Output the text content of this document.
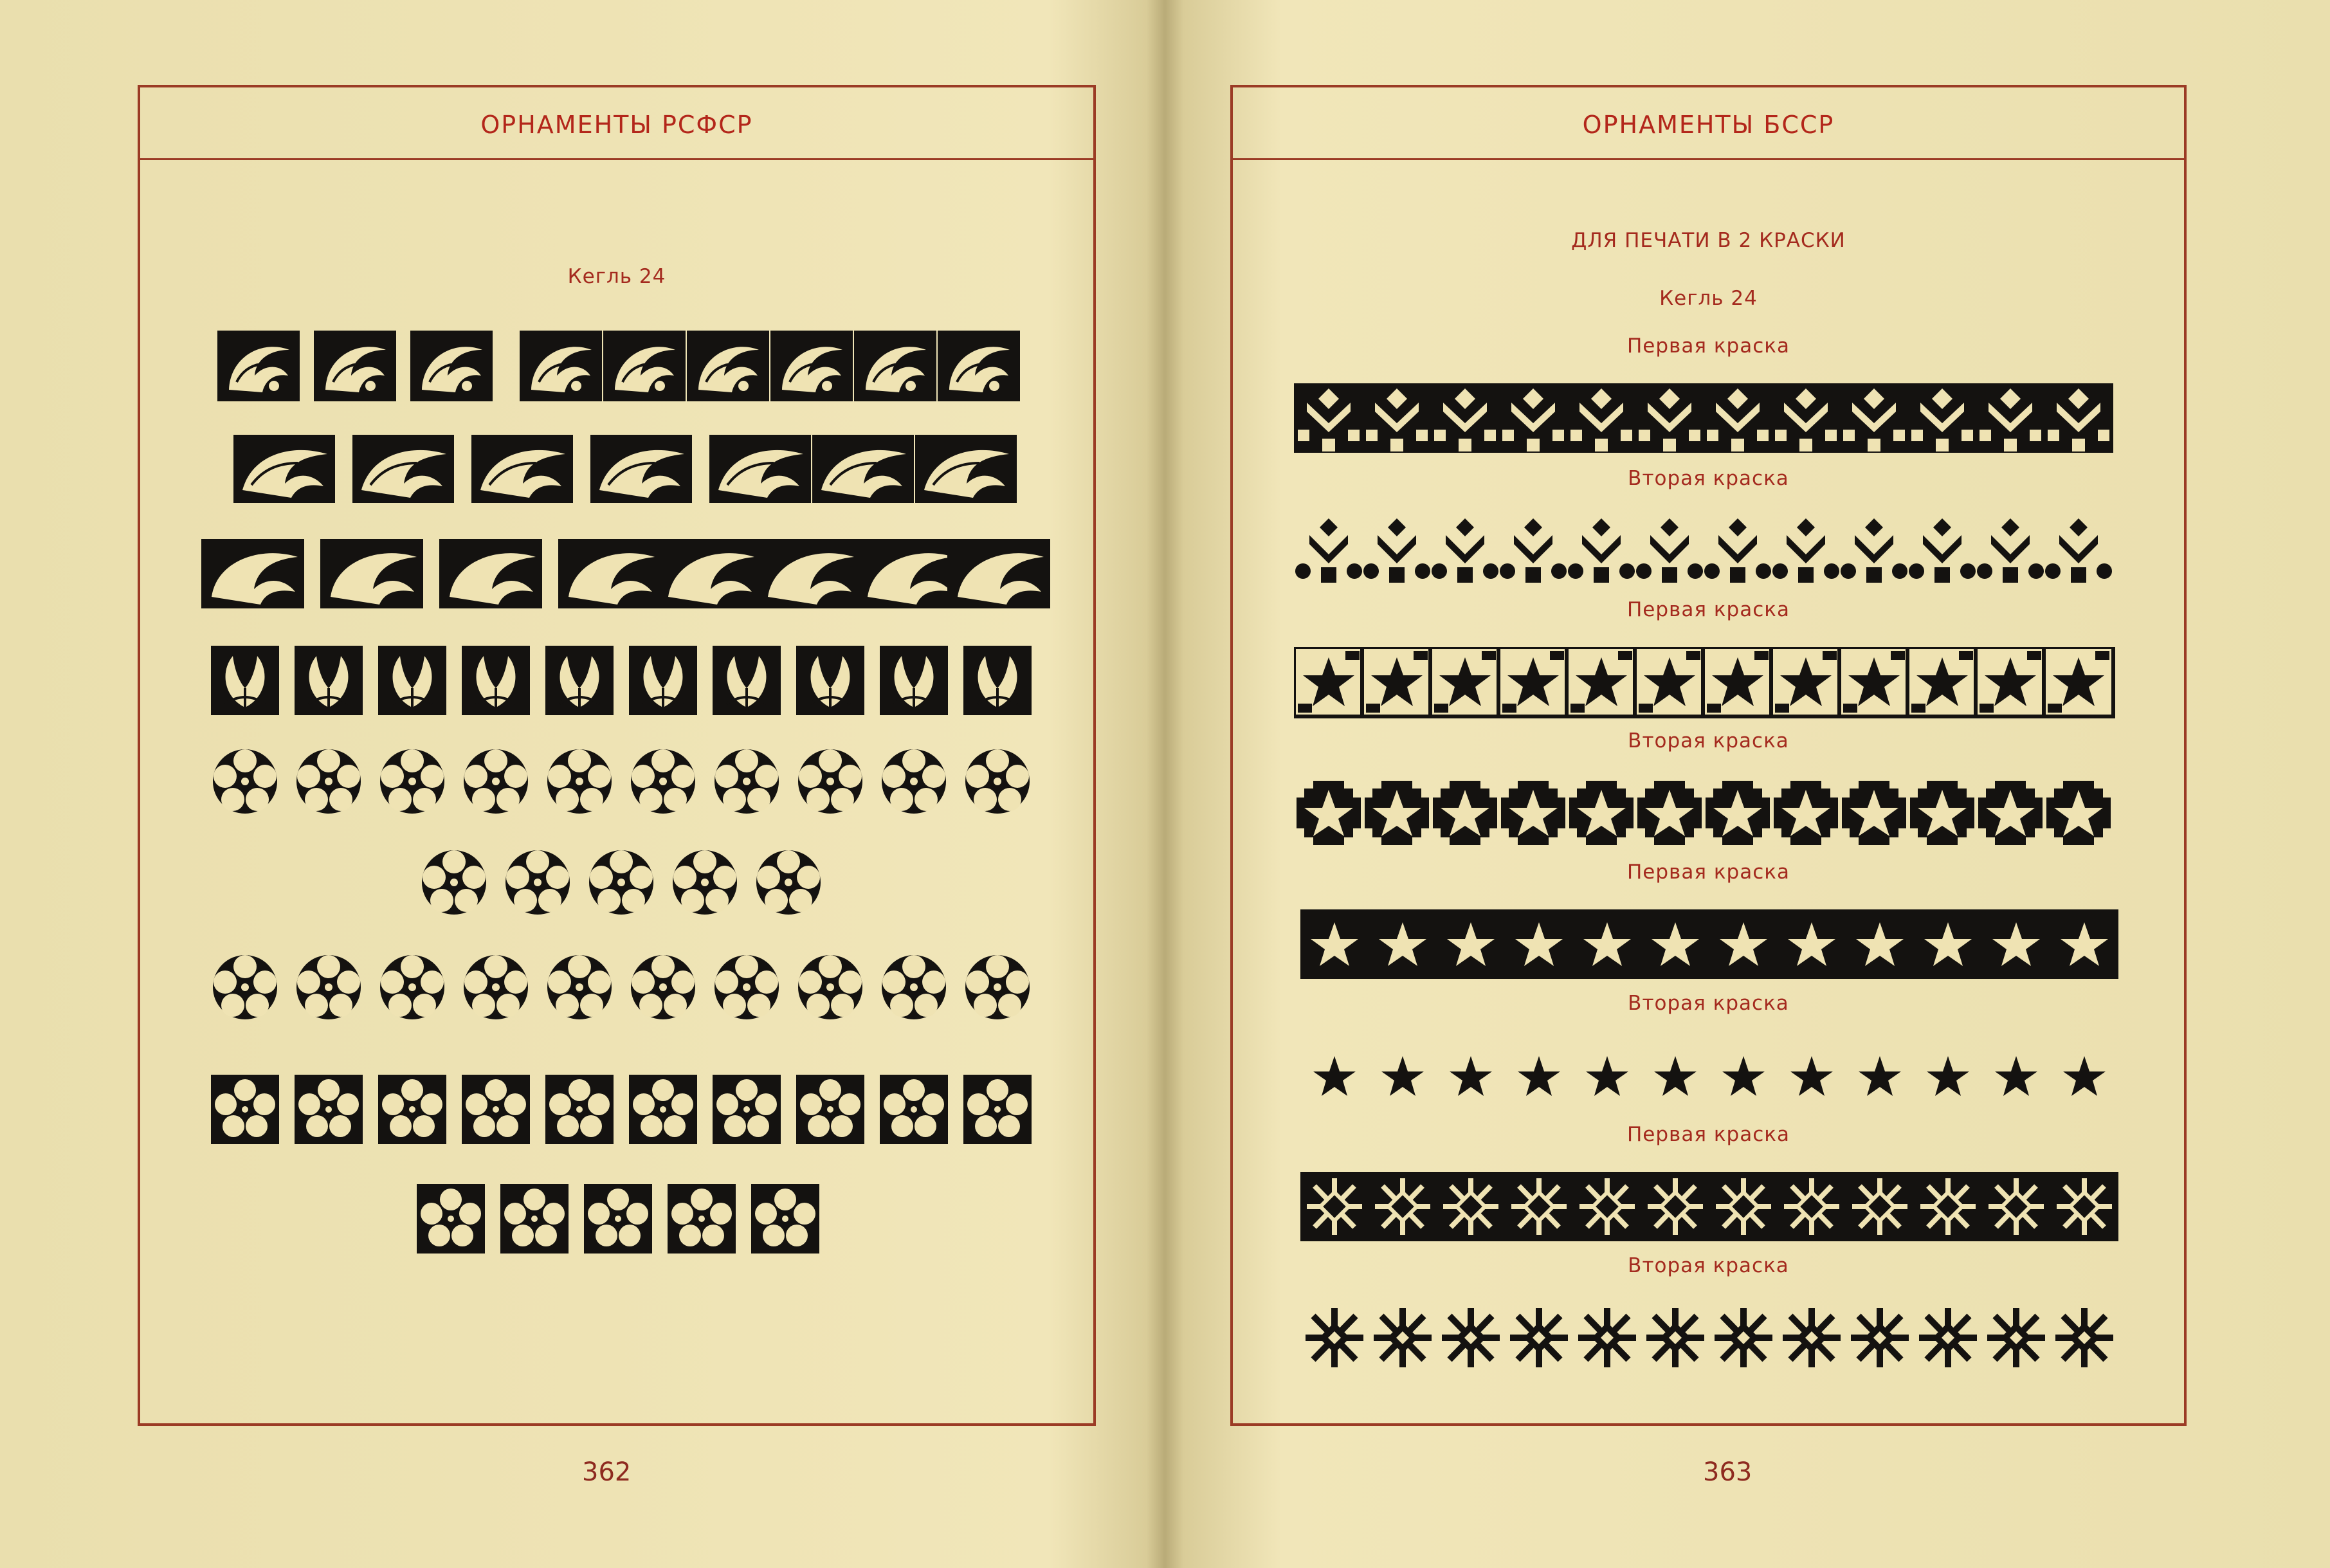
ОРНАМЕНТЫ РСФСР
Кегль 24
362
ОРНАМЕНТЫ БССР
ДЛЯ ПЕЧАТИ В 2 КРАСКИ
Кегль 24
Первая краска
Вторая краска
Первая краска
Вторая краска
Первая краска
Вторая краска
Первая краска
Вторая краска
363
